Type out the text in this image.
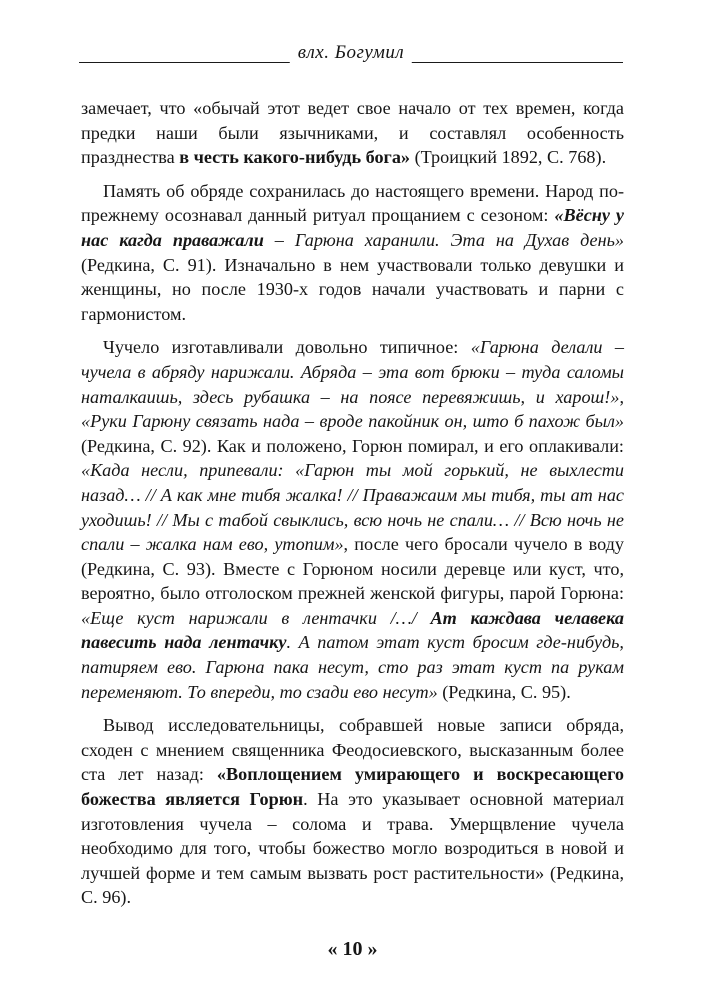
влх. Богумил

замечает, что «обычай этот ведет свое начало от тех времен, когда предки наши были язычниками, и составлял особенность празднества в честь какого-нибудь бога» (Троицкий 1892, С. 768).

Память об обряде сохранилась до настоящего времени. Народ по-прежнему осознавал данный ритуал прощанием с сезоном: «Вёсну у нас кагда праважали – Гарюна харанили. Эта на Духав день» (Редкина, С. 91). Изначально в нем участвовали только девушки и женщины, но после 1930-х годов начали участвовать и парни с гармонистом.

Чучело изготавливали довольно типичное: «Гарюна делали – чучела в абряду нарижали. Абряда – эта вот брюки – туда саломы наталкаишь, здесь рубашка – на поясе перевяжишь, и харош!», «Руки Гарюну связать нада – вроде пакойник он, што б пахож был» (Редкина, С. 92). Как и положено, Горюн помирал, и его оплакивали: «Када несли, припевали: «Гарюн ты мой горький, не выхлести назад… // А как мне тибя жалка! // Праважаим мы тибя, ты ат нас уходишь! // Мы с табой свыклись, всю ночь не спали… // Всю ночь не спали – жалка нам ево, утопим», после чего бросали чучело в воду (Редкина, С. 93). Вместе с Горюном носили деревце или куст, что, вероятно, было отголоском прежней женской фигуры, парой Горюна: «Еще куст нарижали в лентачки /…/ Ат каждава челавека павесить нада лентачку. А патом этат куст бросим где-нибудь, патиряем ево. Гарюна пака несут, сто раз этат куст па рукам переменяют. То впереди, то сзади ево несут» (Редкина, С. 95).

Вывод исследовательницы, собравшей новые записи обряда, сходен с мнением священника Феодосиевского, высказанным более ста лет назад: «Воплощением умирающего и воскресающего божества является Горюн. На это указывает основной материал изготовления чучела – солома и трава. Умерщвление чучела необходимо для того, чтобы божество могло возродиться в новой и лучшей форме и тем самым вызвать рост растительности» (Редкина, С. 96).

« 10 »
